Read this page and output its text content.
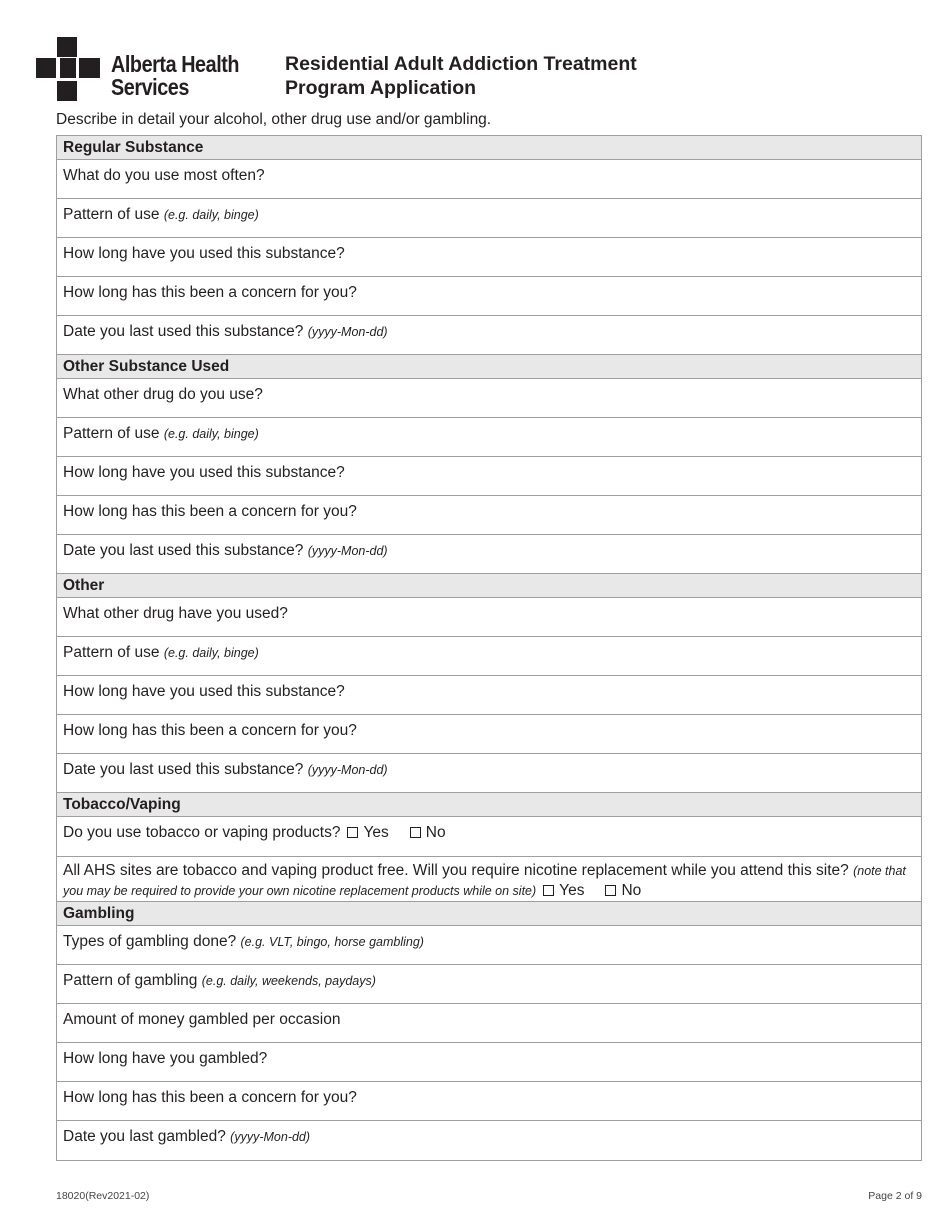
Alberta Health
Services
Residential Adult Addiction Treatment
Program Application
Describe in detail your alcohol, other drug use and/or gambling.
Regular Substance
What do you use most often?
Pattern of use (e.g. daily, binge)
How long have you used this substance?
How long has this been a concern for you?
Date you last used this substance? (yyyy-Mon-dd)
Other Substance Used
What other drug do you use?
Pattern of use (e.g. daily, binge)
How long have you used this substance?
How long has this been a concern for you?
Date you last used this substance? (yyyy-Mon-dd)
Other
What other drug have you used?
Pattern of use (e.g. daily, binge)
How long have you used this substance?
How long has this been a concern for you?
Date you last used this substance? (yyyy-Mon-dd)
Tobacco/Vaping
Do you use tobacco or vaping products? Yes No
All AHS sites are tobacco and vaping product free. Will you require nicotine replacement while you attend this site? (note that you may be required to provide your own nicotine replacement products while on site) Yes No
Gambling
Types of gambling done? (e.g. VLT, bingo, horse gambling)
Pattern of gambling (e.g. daily, weekends, paydays)
Amount of money gambled per occasion
How long have you gambled?
How long has this been a concern for you?
Date you last gambled? (yyyy-Mon-dd)
18020(Rev2021-02)	Page 2 of 9
